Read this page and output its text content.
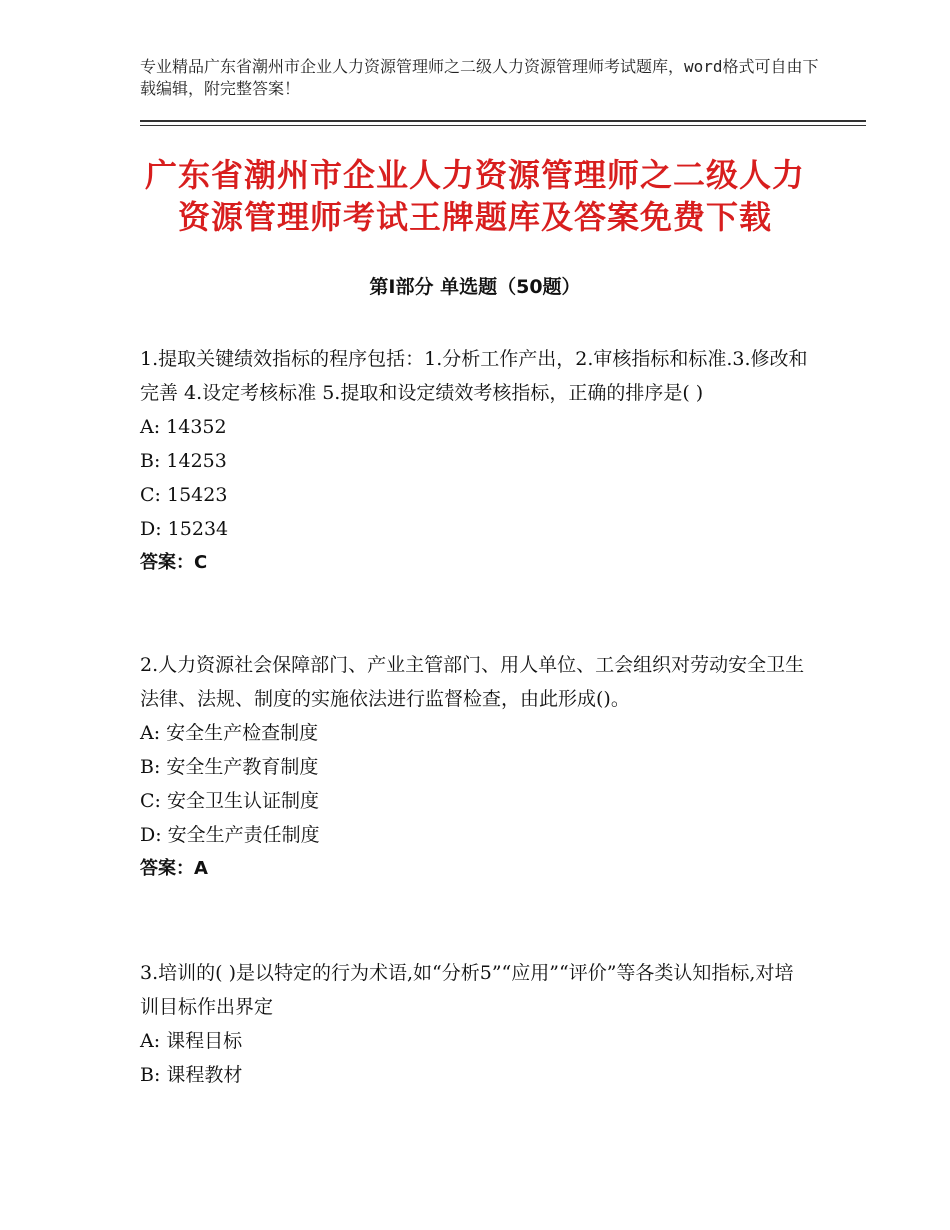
专业精品广东省潮州市企业人力资源管理师之二级人力资源管理师考试题库，word格式可自由下载编辑，附完整答案！
广东省潮州市企业人力资源管理师之二级人力资源管理师考试王牌题库及答案免费下载
第Ⅰ部分 单选题（50题）

1.提取关键绩效指标的程序包括：1.分析工作产出，2.审核指标和标准.3.修改和完善 4.设定考核标准 5.提取和设定绩效考核指标，正确的排序是( )

A: 14352

B: 14253

C: 15423

D: 15234

答案：C

2.人力资源社会保障部门、产业主管部门、用人单位、工会组织对劳动安全卫生法律、法规、制度的实施依法进行监督检查，由此形成()。

A: 安全生产检查制度

B: 安全生产教育制度

C: 安全卫生认证制度

D: 安全生产责任制度

答案：A

3.培训的( )是以特定的行为术语,如“分析5”“应用”“评价”等各类认知指标,对培训目标作出界定

A: 课程目标

B: 课程教材
